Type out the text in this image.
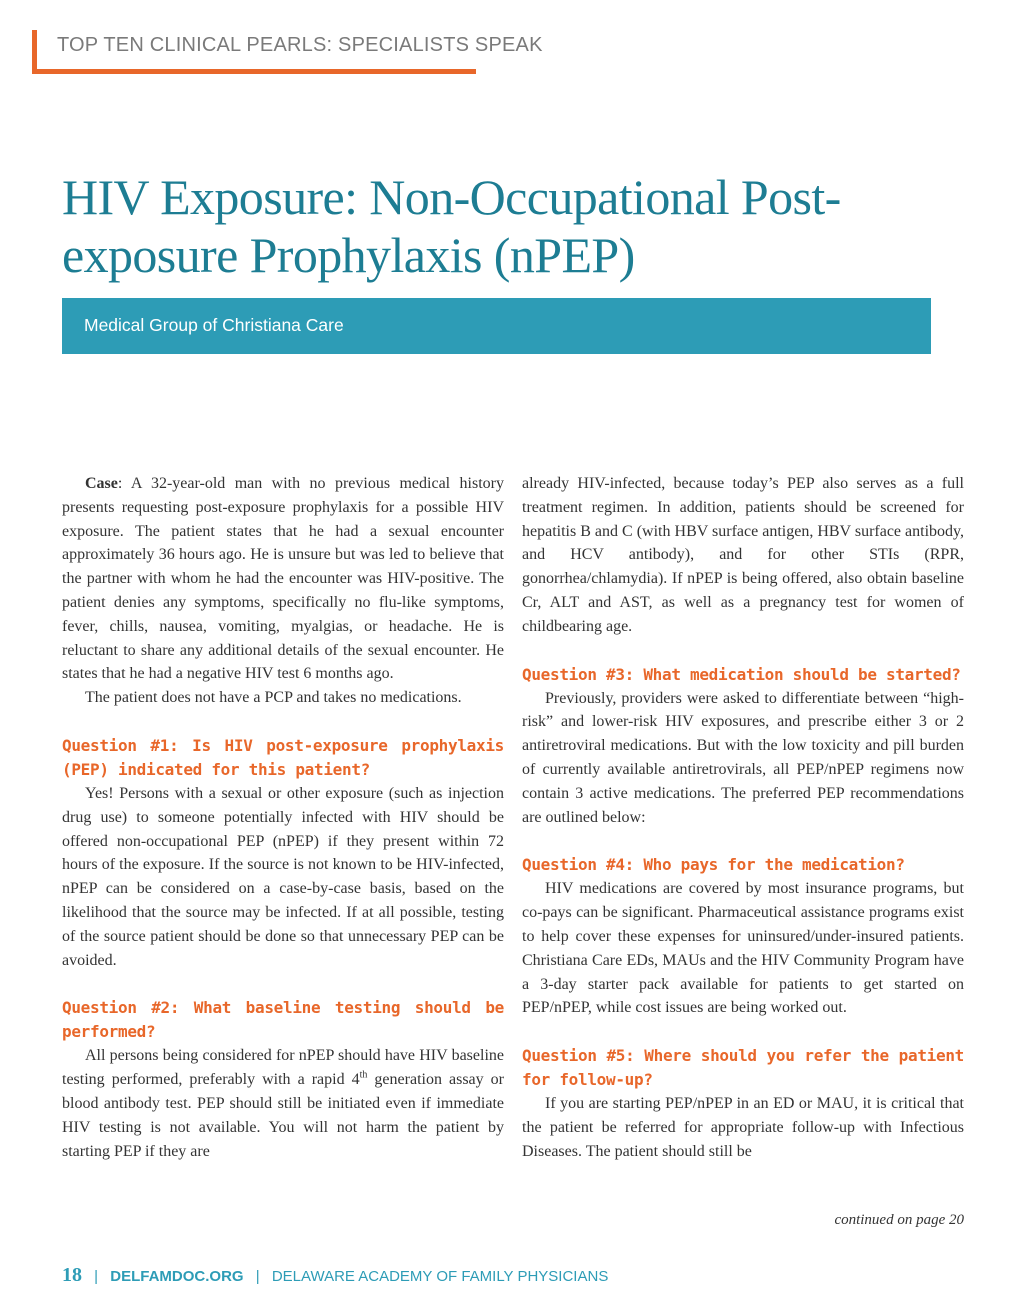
TOP TEN CLINICAL PEARLS: SPECIALISTS SPEAK
HIV Exposure: Non-Occupational Post-exposure Prophylaxis (nPEP)
Medical Group of Christiana Care

Case: A 32-year-old man with no previous medical history presents requesting post-exposure prophylaxis for a possible HIV exposure. The patient states that he had a sexual encounter approximately 36 hours ago. He is unsure but was led to believe that the partner with whom he had the encounter was HIV-positive. The patient denies any symptoms, specifically no flu-like symptoms, fever, chills, nausea, vomiting, myalgias, or headache. He is reluctant to share any additional details of the sexual encounter. He states that he had a negative HIV test 6 months ago.

The patient does not have a PCP and takes no medications.

Question #1: Is HIV post-exposure prophylaxis (PEP) indicated for this patient?

Yes! Persons with a sexual or other exposure (such as injection drug use) to someone potentially infected with HIV should be offered non-occupational PEP (nPEP) if they present within 72 hours of the exposure. If the source is not known to be HIV-infected, nPEP can be considered on a case-by-case basis, based on the likelihood that the source may be infected. If at all possible, testing of the source patient should be done so that unnecessary PEP can be avoided.

Question #2: What baseline testing should be performed?

All persons being considered for nPEP should have HIV baseline testing performed, preferably with a rapid 4th generation assay or blood antibody test. PEP should still be initiated even if immediate HIV testing is not available. You will not harm the patient by starting PEP if they are

already HIV-infected, because today’s PEP also serves as a full treatment regimen. In addition, patients should be screened for hepatitis B and C (with HBV surface antigen, HBV surface antibody, and HCV antibody), and for other STIs (RPR, gonorrhea/chlamydia). If nPEP is being offered, also obtain baseline Cr, ALT and AST, as well as a pregnancy test for women of childbearing age.

Question #3: What medication should be started?

Previously, providers were asked to differentiate between “high-risk” and lower-risk HIV exposures, and prescribe either 3 or 2 antiretroviral medications. But with the low toxicity and pill burden of currently available antiretrovirals, all PEP/nPEP regimens now contain 3 active medications. The preferred PEP recommendations are outlined below:

Question #4: Who pays for the medication?

HIV medications are covered by most insurance programs, but co-pays can be significant. Pharmaceutical assistance programs exist to help cover these expenses for uninsured/under-insured patients. Christiana Care EDs, MAUs and the HIV Community Program have a 3-day starter pack available for patients to get started on PEP/nPEP, while cost issues are being worked out.

Question #5: Where should you refer the patient for follow-up?

If you are starting PEP/nPEP in an ED or MAU, it is critical that the patient be referred for appropriate follow-up with Infectious Diseases. The patient should still be

continued on page 20
18 | DELFAMDOC.ORG | DELAWARE ACADEMY OF FAMILY PHYSICIANS
